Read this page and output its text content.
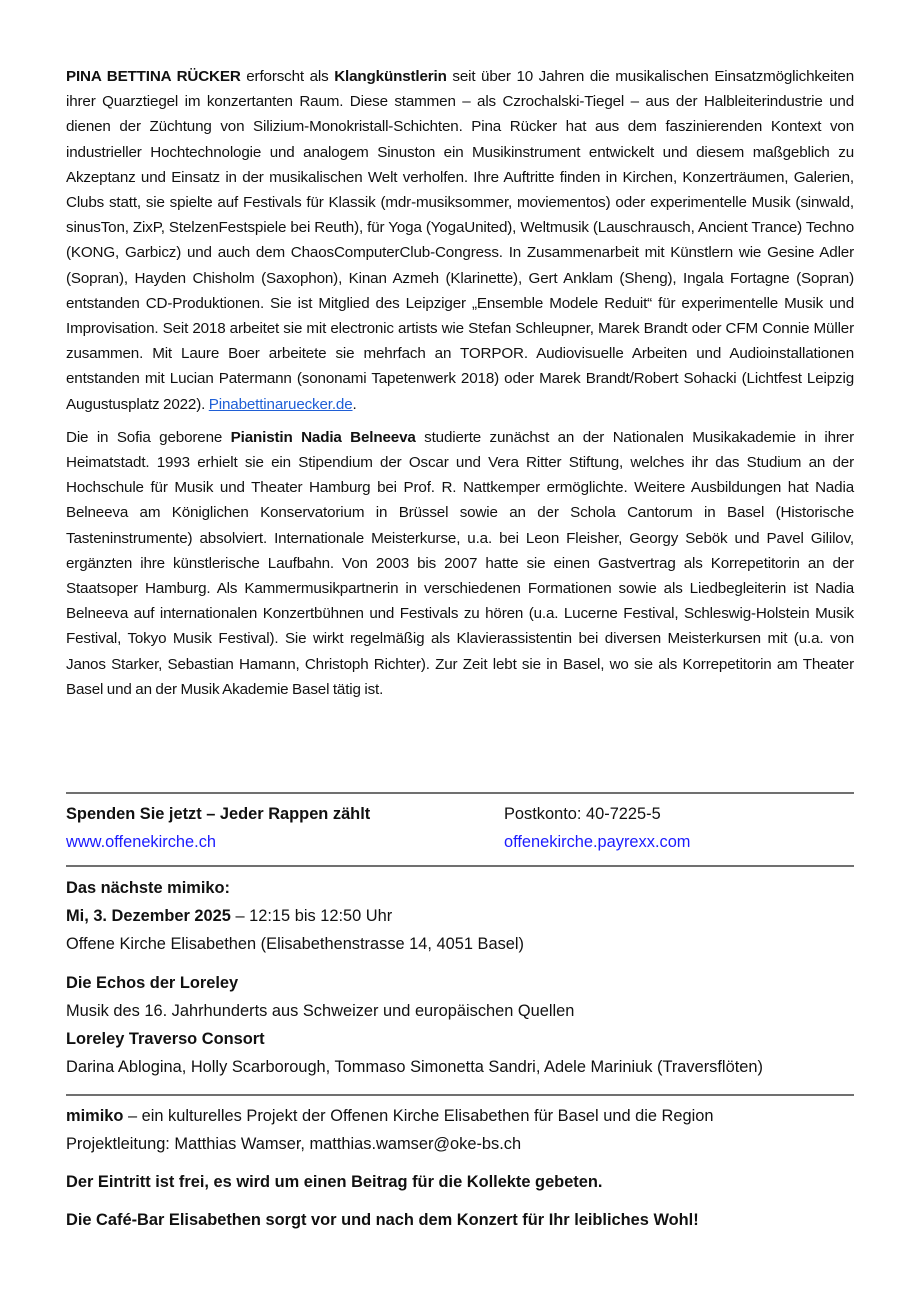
PINA BETTINA RÜCKER erforscht als Klangkünstlerin seit über 10 Jahren die musikalischen Einsatzmöglichkeiten ihrer Quarztiegel im konzertanten Raum. Diese stammen – als Czrochalski-Tiegel – aus der Halbleiterindustrie und dienen der Züchtung von Silizium-Monokristall-Schichten. Pina Rücker hat aus dem faszinierenden Kontext von industrieller Hochtechnologie und analogem Sinuston ein Musikinstrument entwickelt und diesem maßgeblich zu Akzeptanz und Einsatz in der musikalischen Welt verholfen. Ihre Auftritte finden in Kirchen, Konzerträumen, Galerien, Clubs statt, sie spielte auf Festivals für Klassik (mdr-musiksommer, moviementos) oder experimentelle Musik (sinwald, sinusTon, ZixP, StelzenFestspiele bei Reuth), für Yoga (YogaUnited), Weltmusik (Lauschrausch, Ancient Trance) Techno (KONG, Garbicz) und auch dem ChaosComputerClub-Congress. In Zusammenarbeit mit Künstlern wie Gesine Adler (Sopran), Hayden Chisholm (Saxophon), Kinan Azmeh (Klarinette), Gert Anklam (Sheng), Ingala Fortagne (Sopran) entstanden CD-Produktionen. Sie ist Mitglied des Leipziger „Ensemble Modele Reduit“ für experimentelle Musik und Improvisation. Seit 2018 arbeitet sie mit electronic artists wie Stefan Schleupner, Marek Brandt oder CFM Connie Müller zusammen. Mit Laure Boer arbeitete sie mehrfach an TORPOR. Audiovisuelle Arbeiten und Audioinstallationen entstanden mit Lucian Patermann (sononami Tapetenwerk 2018) oder Marek Brandt/Robert Sohacki (Lichtfest Leipzig Augustusplatz 2022). Pinabettinaruecker.de.

Die in Sofia geborene Pianistin Nadia Belneeva studierte zunächst an der Nationalen Musikakademie in ihrer Heimatstadt. 1993 erhielt sie ein Stipendium der Oscar und Vera Ritter Stiftung, welches ihr das Studium an der Hochschule für Musik und Theater Hamburg bei Prof. R. Nattkemper ermöglichte. Weitere Ausbildungen hat Nadia Belneeva am Königlichen Konservatorium in Brüssel sowie an der Schola Cantorum in Basel (Historische Tasteninstrumente) absolviert. Internationale Meisterkurse, u.a. bei Leon Fleisher, Georgy Sebök und Pavel Gililov, ergänzten ihre künstlerische Laufbahn. Von 2003 bis 2007 hatte sie einen Gastvertrag als Korrepetitorin an der Staatsoper Hamburg. Als Kammermusikpartnerin in verschiedenen Formationen sowie als Liedbegleiterin ist Nadia Belneeva auf internationalen Konzertbühnen und Festivals zu hören (u.a. Lucerne Festival, Schleswig-Holstein Musik Festival, Tokyo Musik Festival). Sie wirkt regelmäßig als Klavierassistentin bei diversen Meisterkursen mit (u.a. von Janos Starker, Sebastian Hamann, Christoph Richter). Zur Zeit lebt sie in Basel, wo sie als Korrepetitorin am Theater Basel und an der Musik Akademie Basel tätig ist.

Spenden Sie jetzt – Jeder Rappen zählt
www.offenekirche.ch
Postkonto: 40-7225-5
offenekirche.payrexx.com
Das nächste mimiko:
Mi, 3. Dezember 2025 – 12:15 bis 12:50 Uhr
Offene Kirche Elisabethen (Elisabethenstrasse 14, 4051 Basel)
Die Echos der Loreley
Musik des 16. Jahrhunderts aus Schweizer und europäischen Quellen
Loreley Traverso Consort
Darina Ablogina, Holly Scarborough, Tommaso Simonetta Sandri, Adele Mariniuk (Traversflöten)
mimiko – ein kulturelles Projekt der Offenen Kirche Elisabethen für Basel und die Region
Projektleitung: Matthias Wamser, matthias.wamser@oke-bs.ch
Der Eintritt ist frei, es wird um einen Beitrag für die Kollekte gebeten.
Die Café-Bar Elisabethen sorgt vor und nach dem Konzert für Ihr leibliches Wohl!
